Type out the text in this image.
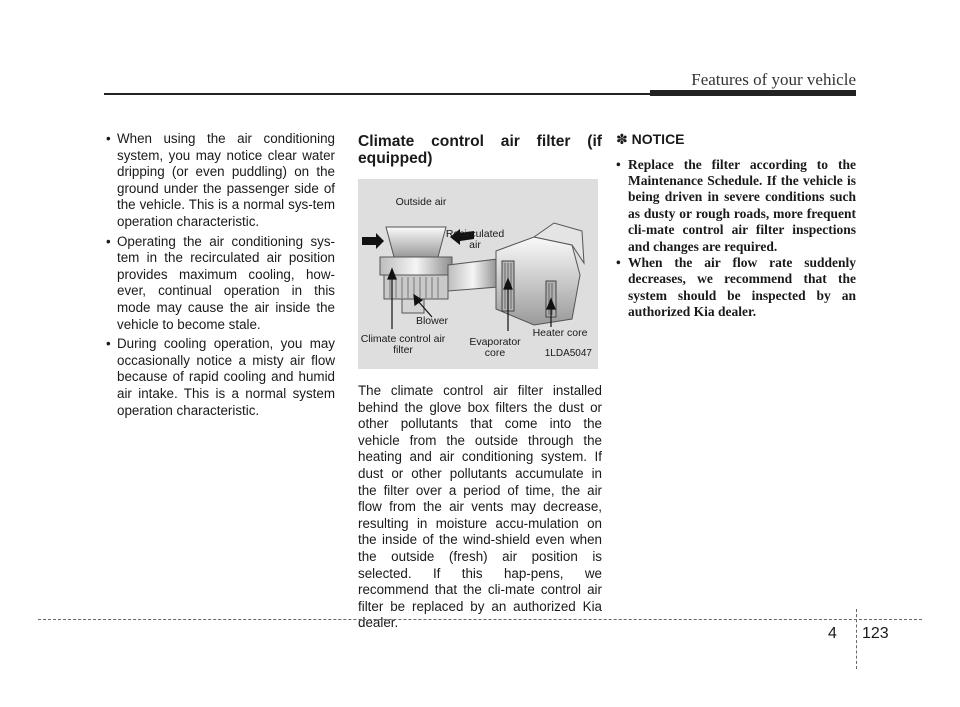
Features of your vehicle
• When using the air conditioning system, you may notice clear water dripping (or even puddling) on the ground under the passenger side of the vehicle. This is a normal sys-tem operation characteristic.
• Operating the air conditioning sys-tem in the recirculated air position provides maximum cooling, how-ever, continual operation in this mode may cause the air inside the vehicle to become stale.
• During cooling operation, you may occasionally notice a misty air flow because of rapid cooling and humid air intake. This is a normal system operation characteristic.
Climate control air filter (if equipped)
Outside air
Recirculated air
Blower
Climate control air filter
Evaporator core
Heater core
1LDA5047
The climate control air filter installed behind the glove box filters the dust or other pollutants that come into the vehicle from the outside through the heating and air conditioning system. If dust or other pollutants accumulate in the filter over a period of time, the air flow from the air vents may decrease, resulting in moisture accu-mulation on the inside of the wind-shield even when the outside (fresh) air position is selected. If this hap-pens, we recommend that the cli-mate control air filter be replaced by an authorized Kia dealer.
✽ NOTICE
• Replace the filter according to the Maintenance Schedule. If the vehicle is being driven in severe conditions such as dusty or rough roads, more frequent cli-mate control air filter inspections and changes are required.
• When the air flow rate suddenly decreases, we recommend that the system should be inspected by an authorized Kia dealer.
4 123
